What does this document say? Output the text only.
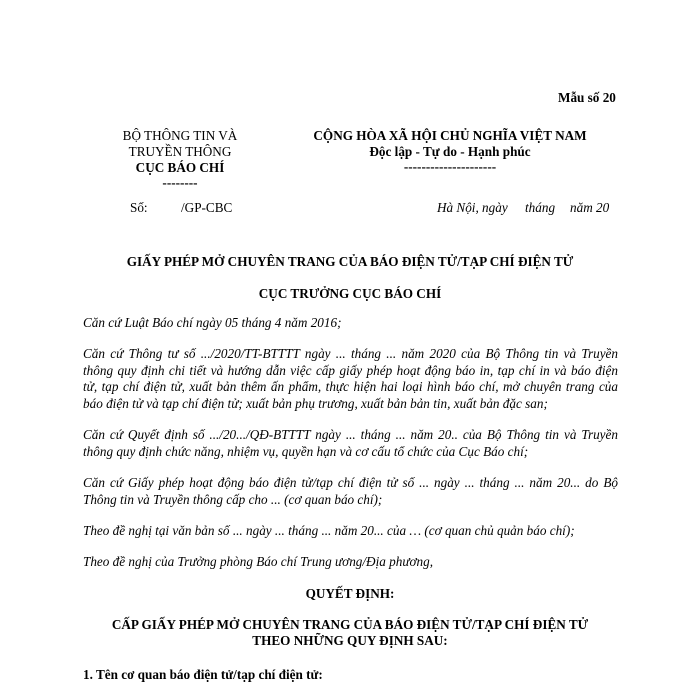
Mẫu số 20
BỘ THÔNG TIN VÀ
TRUYỀN THÔNG
CỤC BÁO CHÍ
--------
CỘNG HÒA XÃ HỘI CHỦ NGHĨA VIỆT NAM
Độc lập - Tự do - Hạnh phúc
---------------------
Số:	/GP-CBC	Hà Nội, ngày tháng năm 20
GIẤY PHÉP MỞ CHUYÊN TRANG CỦA BÁO ĐIỆN TỬ/TẠP CHÍ ĐIỆN TỬ
CỤC TRƯỞNG CỤC BÁO CHÍ
Căn cứ Luật Báo chí ngày 05 tháng 4 năm 2016;
Căn cứ Thông tư số .../2020/TT-BTTTT ngày ... tháng ... năm 2020 của Bộ Thông tin và Truyền
thông quy định chi tiết và hướng dẫn việc cấp giấy phép hoạt động báo in, tạp chí in và báo điện
tử, tạp chí điện tử, xuất bản thêm ấn phẩm, thực hiện hai loại hình báo chí, mở chuyên trang của
báo điện tử và tạp chí điện tử; xuất bản phụ trương, xuất bản bản tin, xuất bản đặc san;
Căn cứ Quyết định số .../20.../QĐ-BTTTT ngày ... tháng ... năm 20.. của Bộ Thông tin và Truyền
thông quy định chức năng, nhiệm vụ, quyền hạn và cơ cấu tổ chức của Cục Báo chí;
Căn cứ Giấy phép hoạt động báo điện tử/tạp chí điện tử số ... ngày ... tháng ... năm 20... do Bộ
Thông tin và Truyền thông cấp cho ... (cơ quan báo chí);
Theo đề nghị tại văn bản số ... ngày ... tháng ... năm 20... của … (cơ quan chủ quản báo chí);
Theo đề nghị của Trưởng phòng Báo chí Trung ương/Địa phương,
QUYẾT ĐỊNH:
CẤP GIẤY PHÉP MỞ CHUYÊN TRANG CỦA BÁO ĐIỆN TỬ/TẠP CHÍ ĐIỆN TỬ
THEO NHỮNG QUY ĐỊNH SAU:
1. Tên cơ quan báo điện tử/tạp chí điện tử:
